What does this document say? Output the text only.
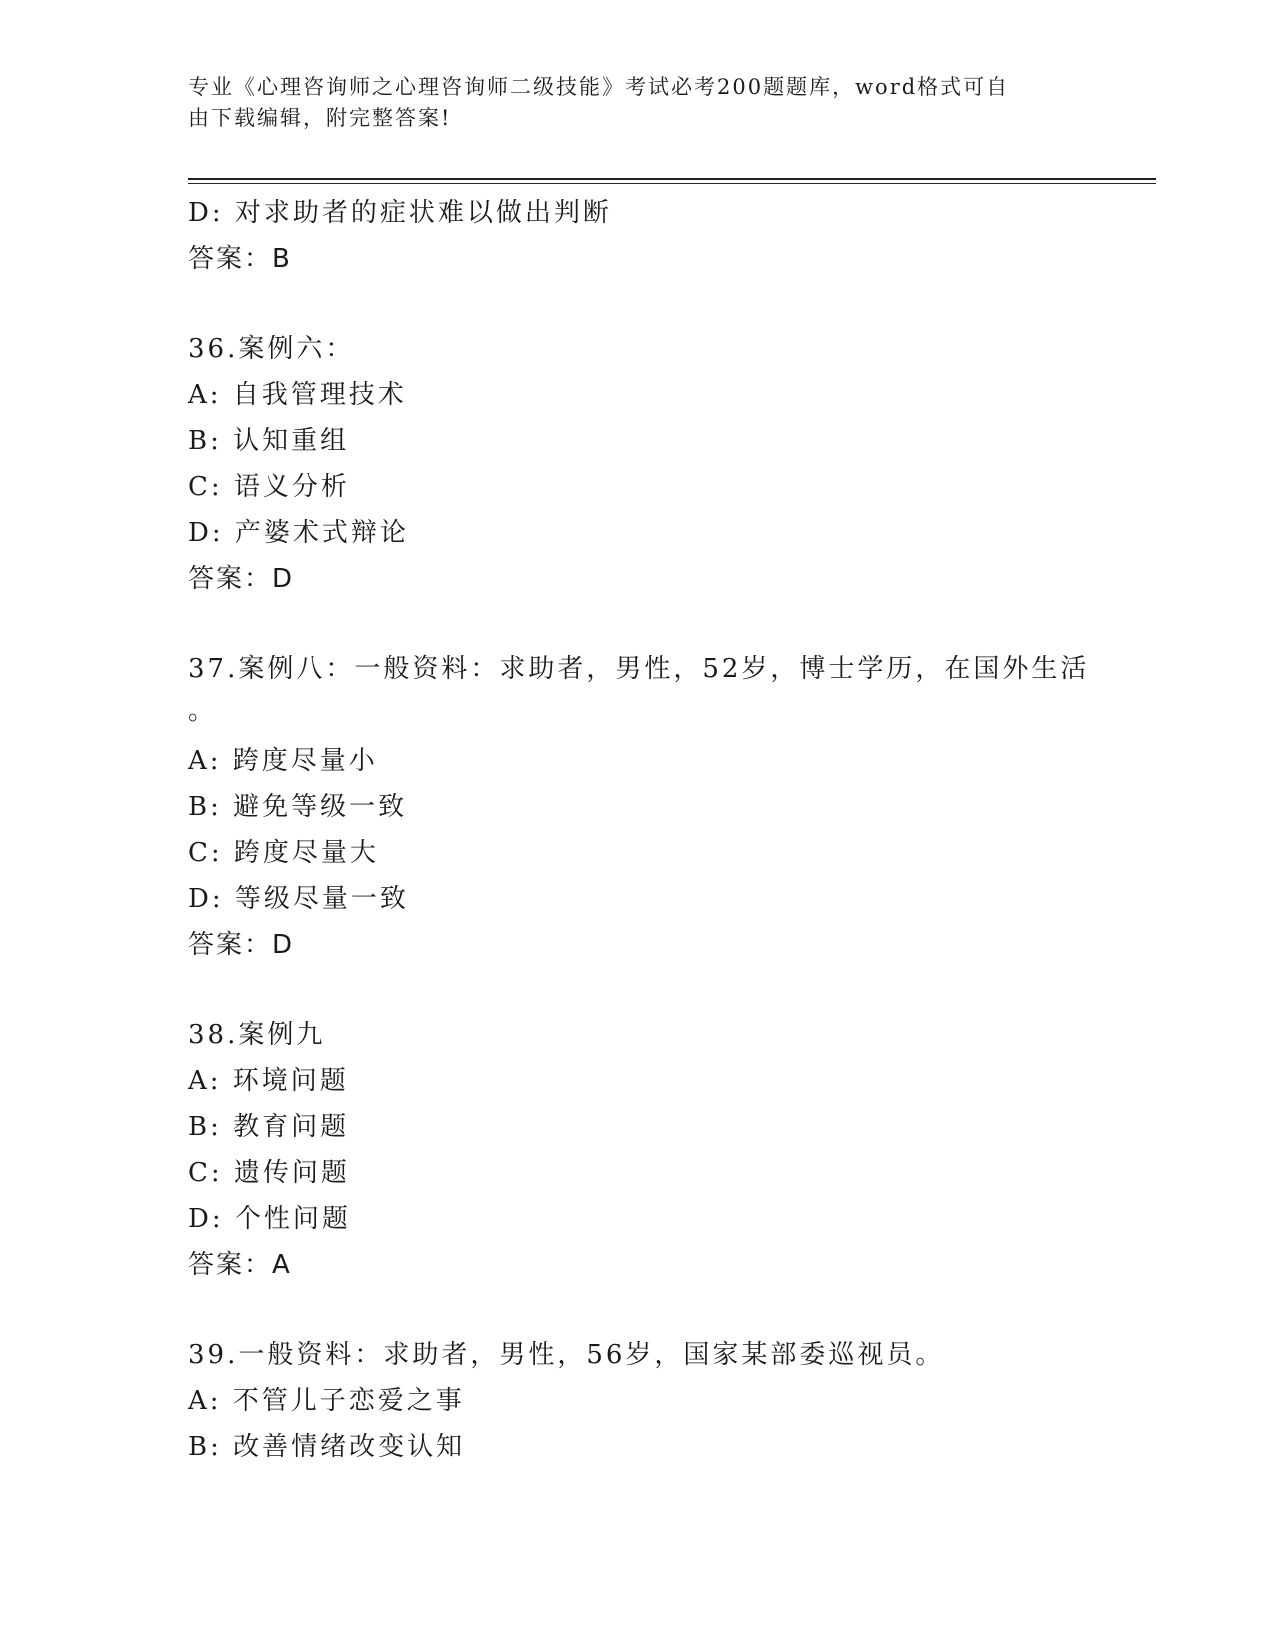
专业《心理咨询师之心理咨询师二级技能》考试必考200题题库，word格式可自
由下载编辑，附完整答案!
D: 对求助者的症状难以做出判断
答案：B
36.案例六：
A: 自我管理技术
B: 认知重组
C: 语义分析
D: 产婆术式辩论
答案：D
37.案例八：一般资料：求助者，男性，52岁，博士学历，在国外生活
。
A: 跨度尽量小
B: 避免等级一致
C: 跨度尽量大
D: 等级尽量一致
答案：D
38.案例九
A: 环境问题
B: 教育问题
C: 遗传问题
D: 个性问题
答案：A
39.一般资料：求助者，男性，56岁，国家某部委巡视员。
A: 不管儿子恋爱之事
B: 改善情绪改变认知
